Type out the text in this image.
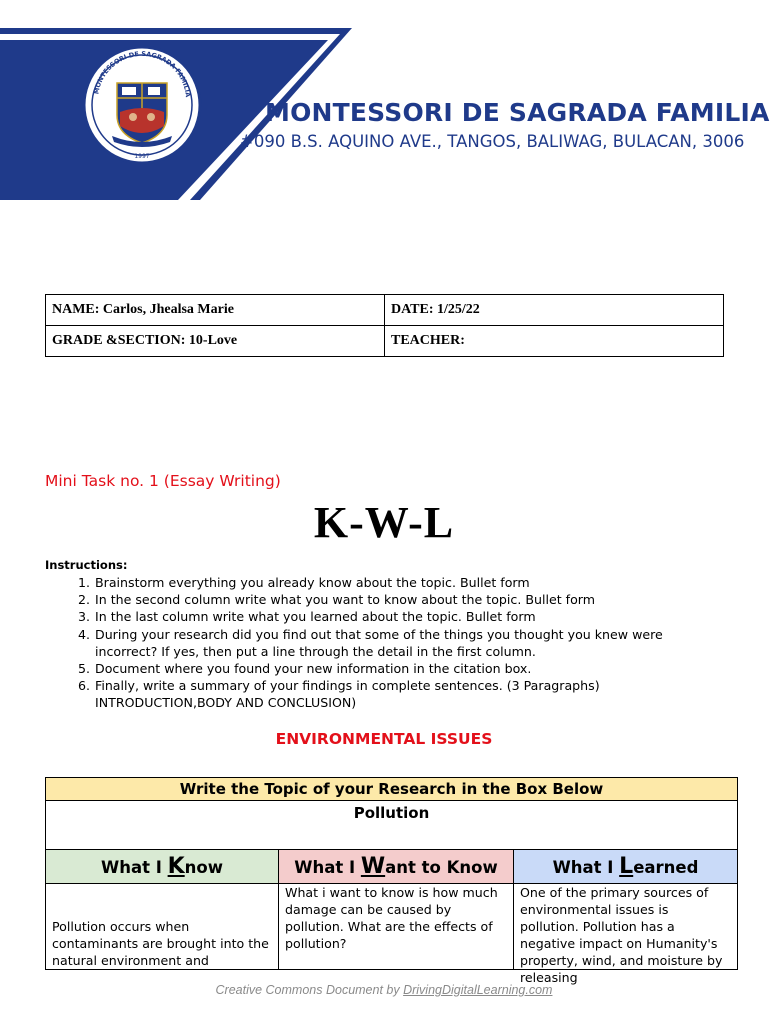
MONTESSORI DE SAGRADA FAMILIA
1997
MONTESSORI DE SAGRADA FAMILIA
#090 B.S. AQUINO AVE., TANGOS, BALIWAG, BULACAN, 3006
NAME: Carlos, Jhealsa Marie	DATE: 1/25/22
GRADE &SECTION: 10-Love	TEACHER:
Mini Task no. 1 (Essay Writing)
K-W-L
Instructions:
1. Brainstorm everything you already know about the topic. Bullet form
2. In the second column write what you want to know about the topic. Bullet form
3. In the last column write what you learned about the topic. Bullet form
4. During your research did you find out that some of the things you thought you knew were incorrect? If yes, then put a line through the detail in the first column.
5. Document where you found your new information in the citation box.
6. Finally, write a summary of your findings in complete sentences. (3 Paragraphs) INTRODUCTION,BODY AND CONCLUSION)
ENVIRONMENTAL ISSUES
Write the Topic of your Research in the Box Below		
Pollution		
What I Know	What I Want to Know	What I Learned

Pollution occurs when contaminants are brought into the natural environment and	What i want to know is how much damage can be caused by pollution. What are the effects of pollution?	One of the primary sources of environmental issues is pollution. Pollution has a negative impact on Humanity's property, wind, and moisture by releasing
Creative Commons Document by DrivingDigitalLearning.com
